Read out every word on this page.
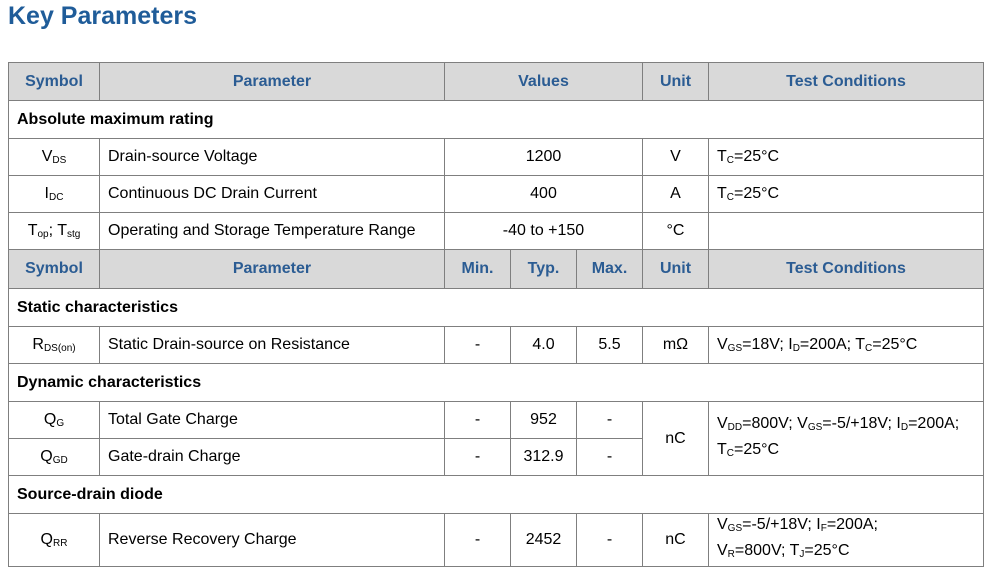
Key Parameters
Symbol	Parameter	Values			Unit	Test Conditions
Absolute maximum rating						
$V_{DS}$	Drain-source Voltage	1200			V	$T_C=25^\circ C$
$I_{DC}$	Continuous DC Drain Current	400			A	$T_C=25^\circ C$
$T_{op}$; $T_{stg}$	Operating and Storage Temperature Range	-40 to +150			°C	
Symbol	Parameter	Min.	Typ.	Max.	Unit	Test Conditions
Static characteristics						
$R_{DS(on)}$	Static Drain-source on Resistance	-	4.0	5.5	mΩ	$V_{GS}=18V$; $I_D=200A$; $T_C=25^\circ C$
Dynamic characteristics						
$Q_G$	Total Gate Charge	-	952	-	nC	$V_{DD}=800V$; $V_{GS}=-5/+18V$; $I_D=200A$;
$T_C=25^\circ C$
$Q_{GD}$	Gate-drain Charge	-	312.9	-		
Source-drain diode						
$Q_{RR}$	Reverse Recovery Charge	-	2452	-	nC	$V_{GS}=-5/+18V$; $I_F=200A$;
$V_R=800V$; $T_J=25^\circ C$
